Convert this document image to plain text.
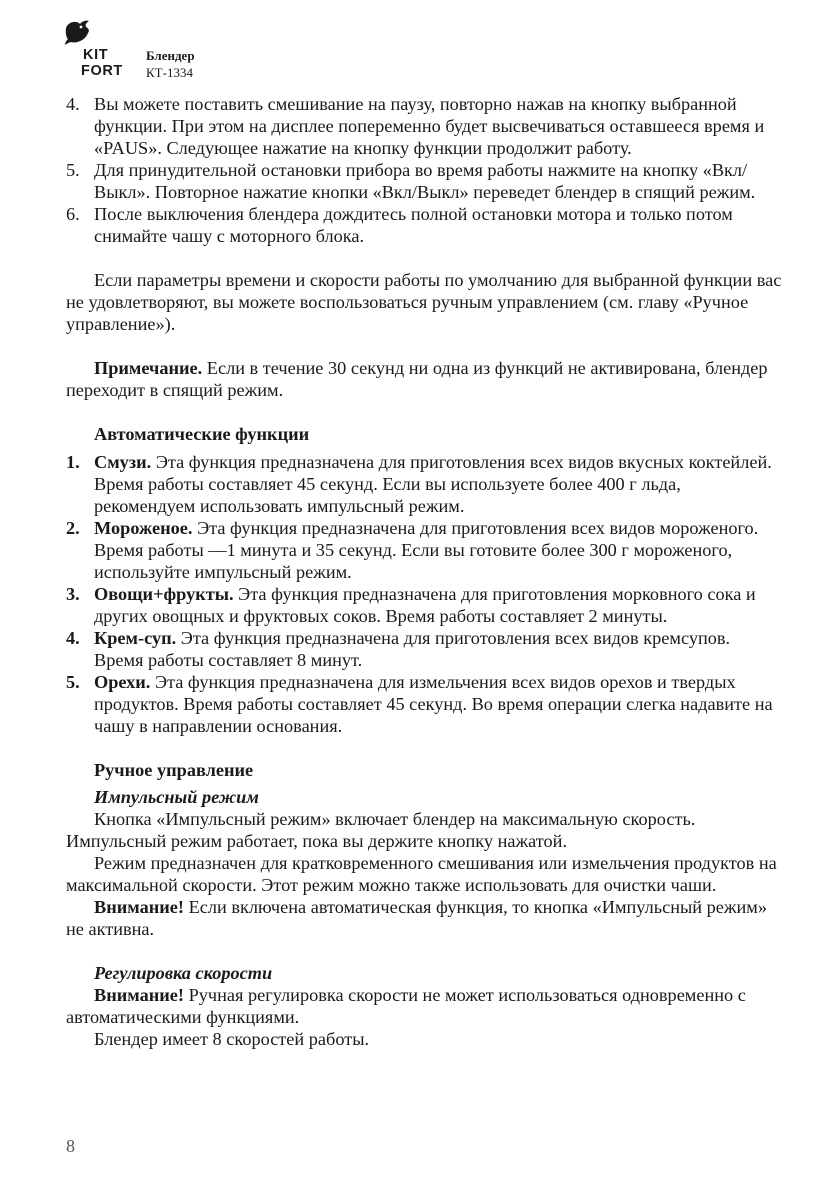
KIT
FORT
Блендер
КТ-1334
4. Вы можете поставить смешивание на паузу, повторно нажав на кнопку выбранной функции. При этом на дисплее попеременно будет высвечиваться оставшееся время и «PAUS». Следующее нажатие на кнопку функции продолжит работу.
5. Для принудительной остановки прибора во время работы нажмите на кнопку «Вкл/Выкл». Повторное нажатие кнопки «Вкл/Выкл» переведет блендер в спящий режим.
6. После выключения блендера дождитесь полной остановки мотора и только потом снимайте чашу с моторного блока.

Если параметры времени и скорости работы по умолчанию для выбранной функции вас не удовлетворяют, вы можете воспользоваться ручным управлением (см. главу «Ручное управление»).

Примечание. Если в течение 30 секунд ни одна из функций не активирована, блендер переходит в спящий режим.

Автоматические функции

1. Смузи. Эта функция предназначена для приготовления всех видов вкусных коктейлей. Время работы составляет 45 секунд. Если вы используете более 400 г льда, рекомендуем использовать импульсный режим.
2. Мороженое. Эта функция предназначена для приготовления всех видов мороженого. Время работы —1 минута и 35 секунд. Если вы готовите более 300 г мороженого, используйте импульсный режим.
3. Овощи+фрукты. Эта функция предназначена для приготовления морковного сока и других овощных и фруктовых соков. Время работы составляет 2 минуты.
4. Крем-суп. Эта функция предназначена для приготовления всех видов кремсупов. Время работы составляет 8 минут.
5. Орехи. Эта функция предназначена для измельчения всех видов орехов и твердых продуктов. Время работы составляет 45 секунд. Во время операции слегка надавите на чашу в направлении основания.

Ручное управление

Импульсный режим

Кнопка «Импульсный режим» включает блендер на максимальную скорость. Импульсный режим работает, пока вы держите кнопку нажатой.

Режим предназначен для кратковременного смешивания или измельчения продуктов на максимальной скорости. Этот режим можно также использовать для очистки чаши.

Внимание! Если включена автоматическая функция, то кнопка «Импульсный режим» не активна.

Регулировка скорости

Внимание! Ручная регулировка скорости не может использоваться одновременно с автоматическими функциями.

Блендер имеет 8 скоростей работы.

8
